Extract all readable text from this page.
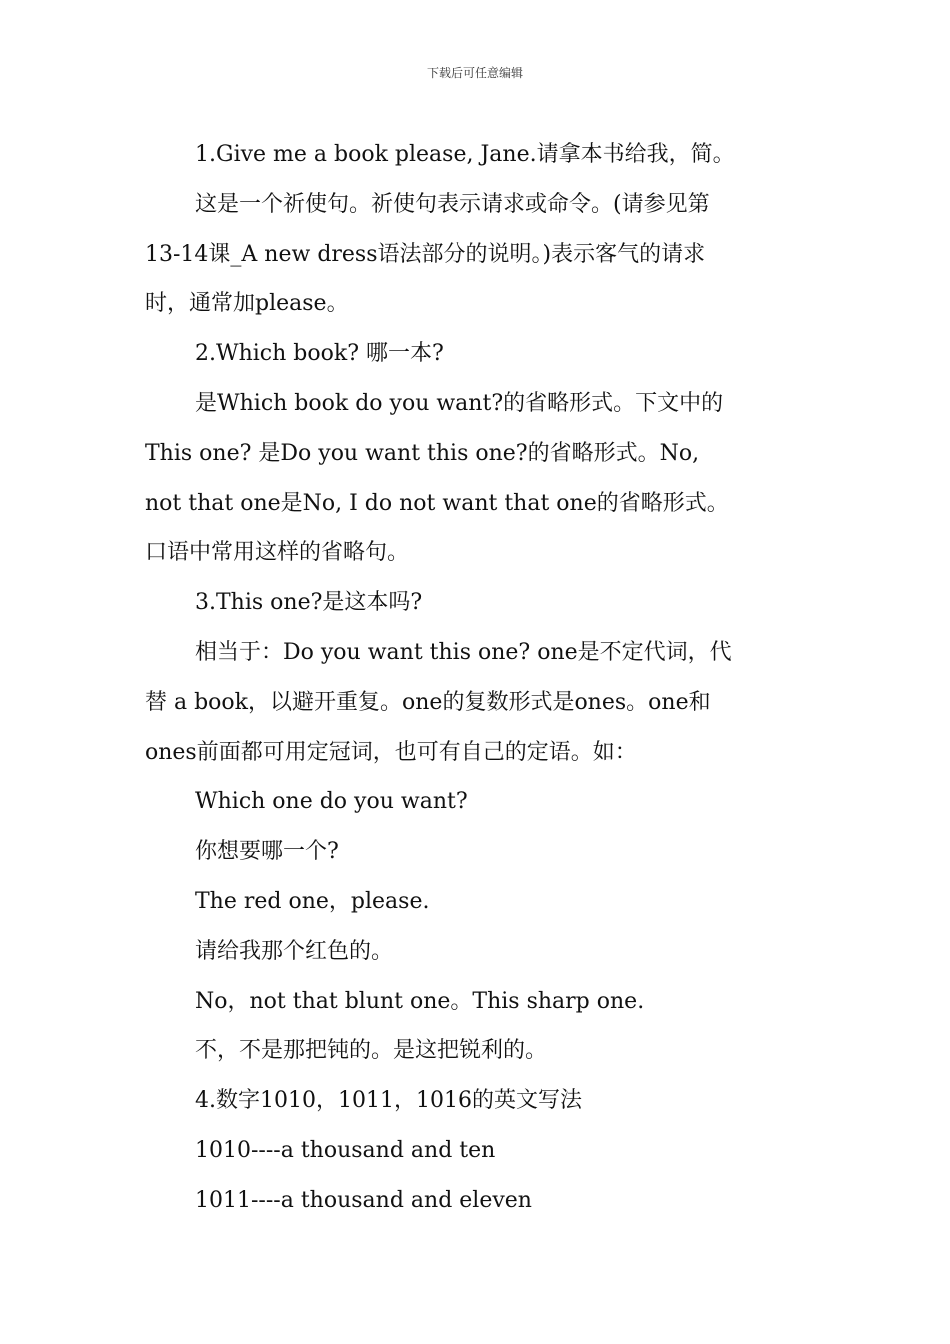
下载后可任意编辑
1.Give me a book please, Jane.请拿本书给我，简。
这是一个祈使句。祈使句表示请求或命令。(请参见第
13-14课_A new dress语法部分的说明。)表示客气的请求
时，通常加please。
2.Which book? 哪一本?
是Which book do you want?的省略形式。下文中的
This one? 是Do you want this one?的省略形式。No,
not that one是No, I do not want that one的省略形式。
口语中常用这样的省略句。
3.This one?是这本吗?
相当于：Do you want this one? one是不定代词，代
替 a book，以避开重复。one的复数形式是ones。one和
ones前面都可用定冠词，也可有自己的定语。如：
Which one do you want?
你想要哪一个?
The red one，please.
请给我那个红色的。
No，not that blunt one。This sharp one.
不，不是那把钝的。是这把锐利的。
4.数字1010，1011，1016的英文写法
1010----a thousand and ten
1011----a thousand and eleven
